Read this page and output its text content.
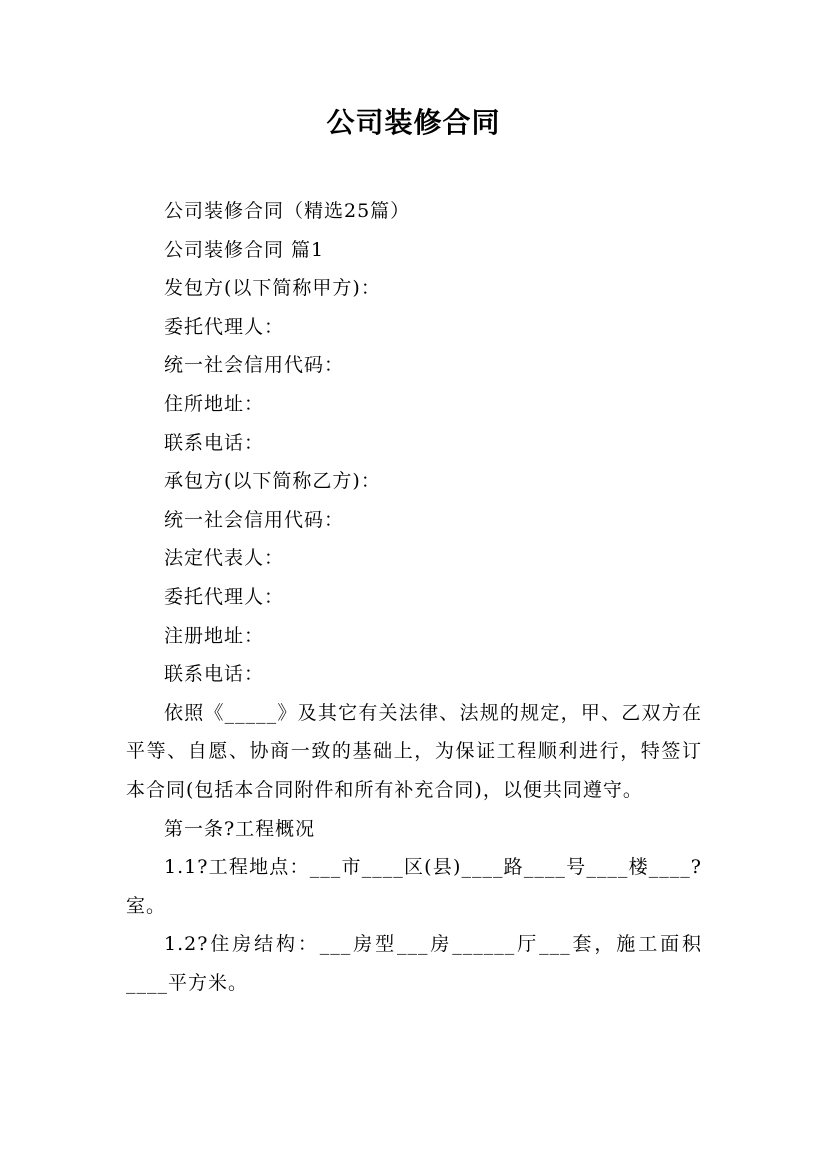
公司装修合同

公司装修合同（精选25篇）

公司装修合同 篇1

发包方(以下简称甲方)：

委托代理人：

统一社会信用代码：

住所地址：

联系电话：

承包方(以下简称乙方)：

统一社会信用代码：

法定代表人：

委托代理人：

注册地址：

联系电话：

依照《_____》及其它有关法律、法规的规定，甲、乙双方在平等、自愿、协商一致的基础上，为保证工程顺利进行，特签订本合同(包括本合同附件和所有补充合同)，以便共同遵守。

第一条?工程概况

1.1?工程地点：___市____区(县)____路____号____楼____?室。

1.2?住房结构：___房型___房______厅___套，施工面积____平方米。
